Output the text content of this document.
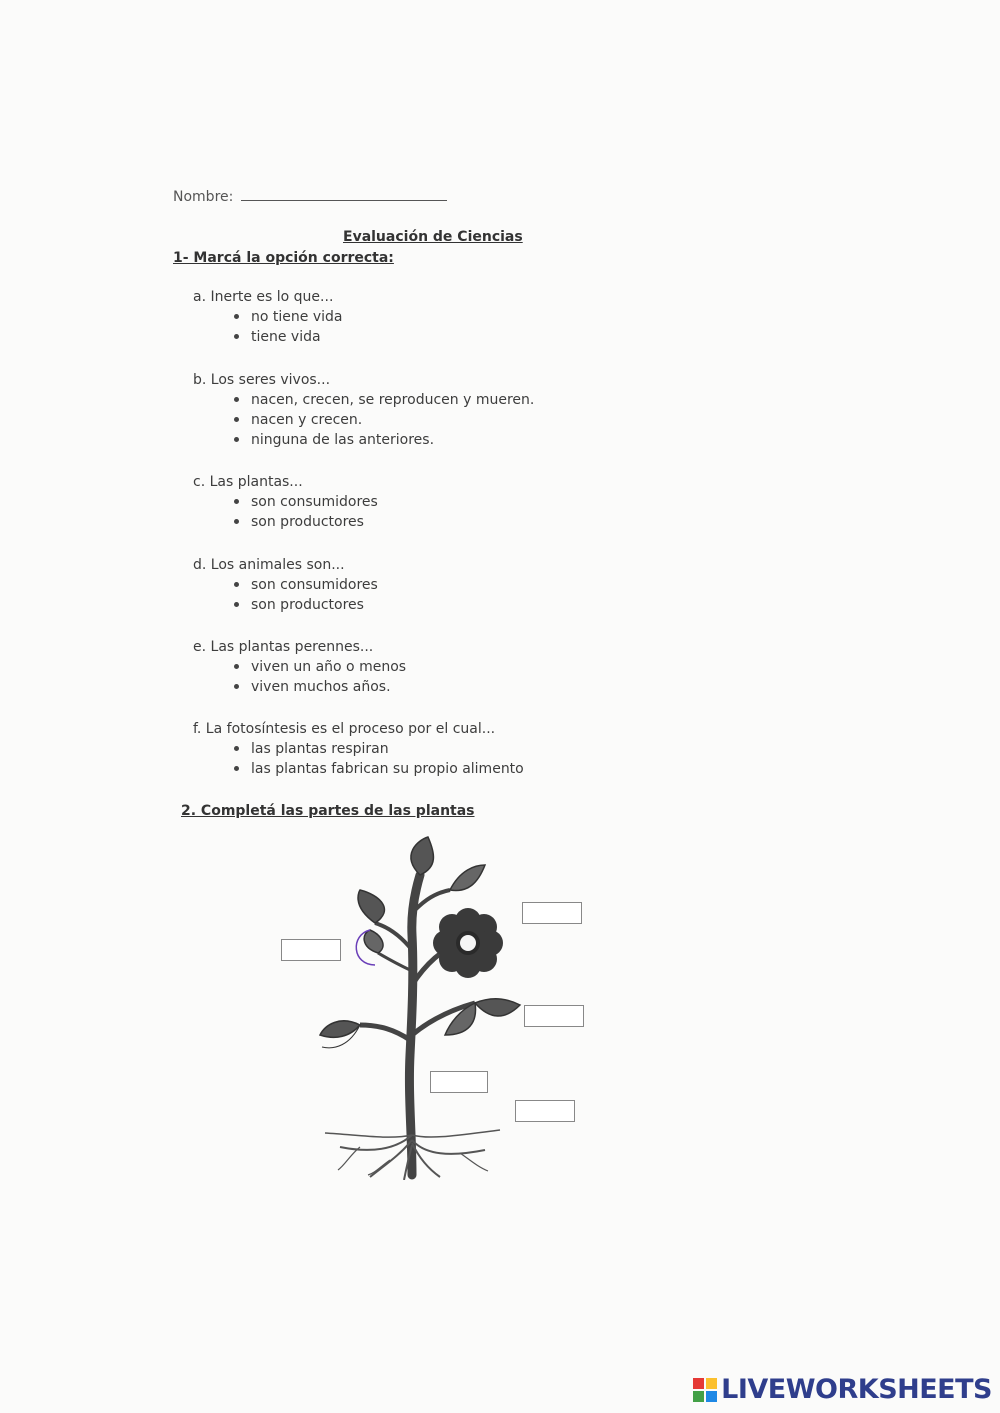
Nombre:
Evaluación de Ciencias
1- Marcá la opción correcta:
a. Inerte es lo que...
no tiene vida
tiene vida
b. Los seres vivos...
nacen, crecen, se reproducen y mueren.
nacen y crecen.
ninguna de las anteriores.
c. Las plantas...
son consumidores
son productores
d. Los animales son...
son consumidores
son productores
e. Las plantas perennes...
viven un año o menos
viven muchos años.
f. La fotosíntesis es el proceso por el cual...
las plantas respiran
las plantas fabrican su propio alimento
2. Completá las partes de las plantas
LIVEWORKSHEETS
